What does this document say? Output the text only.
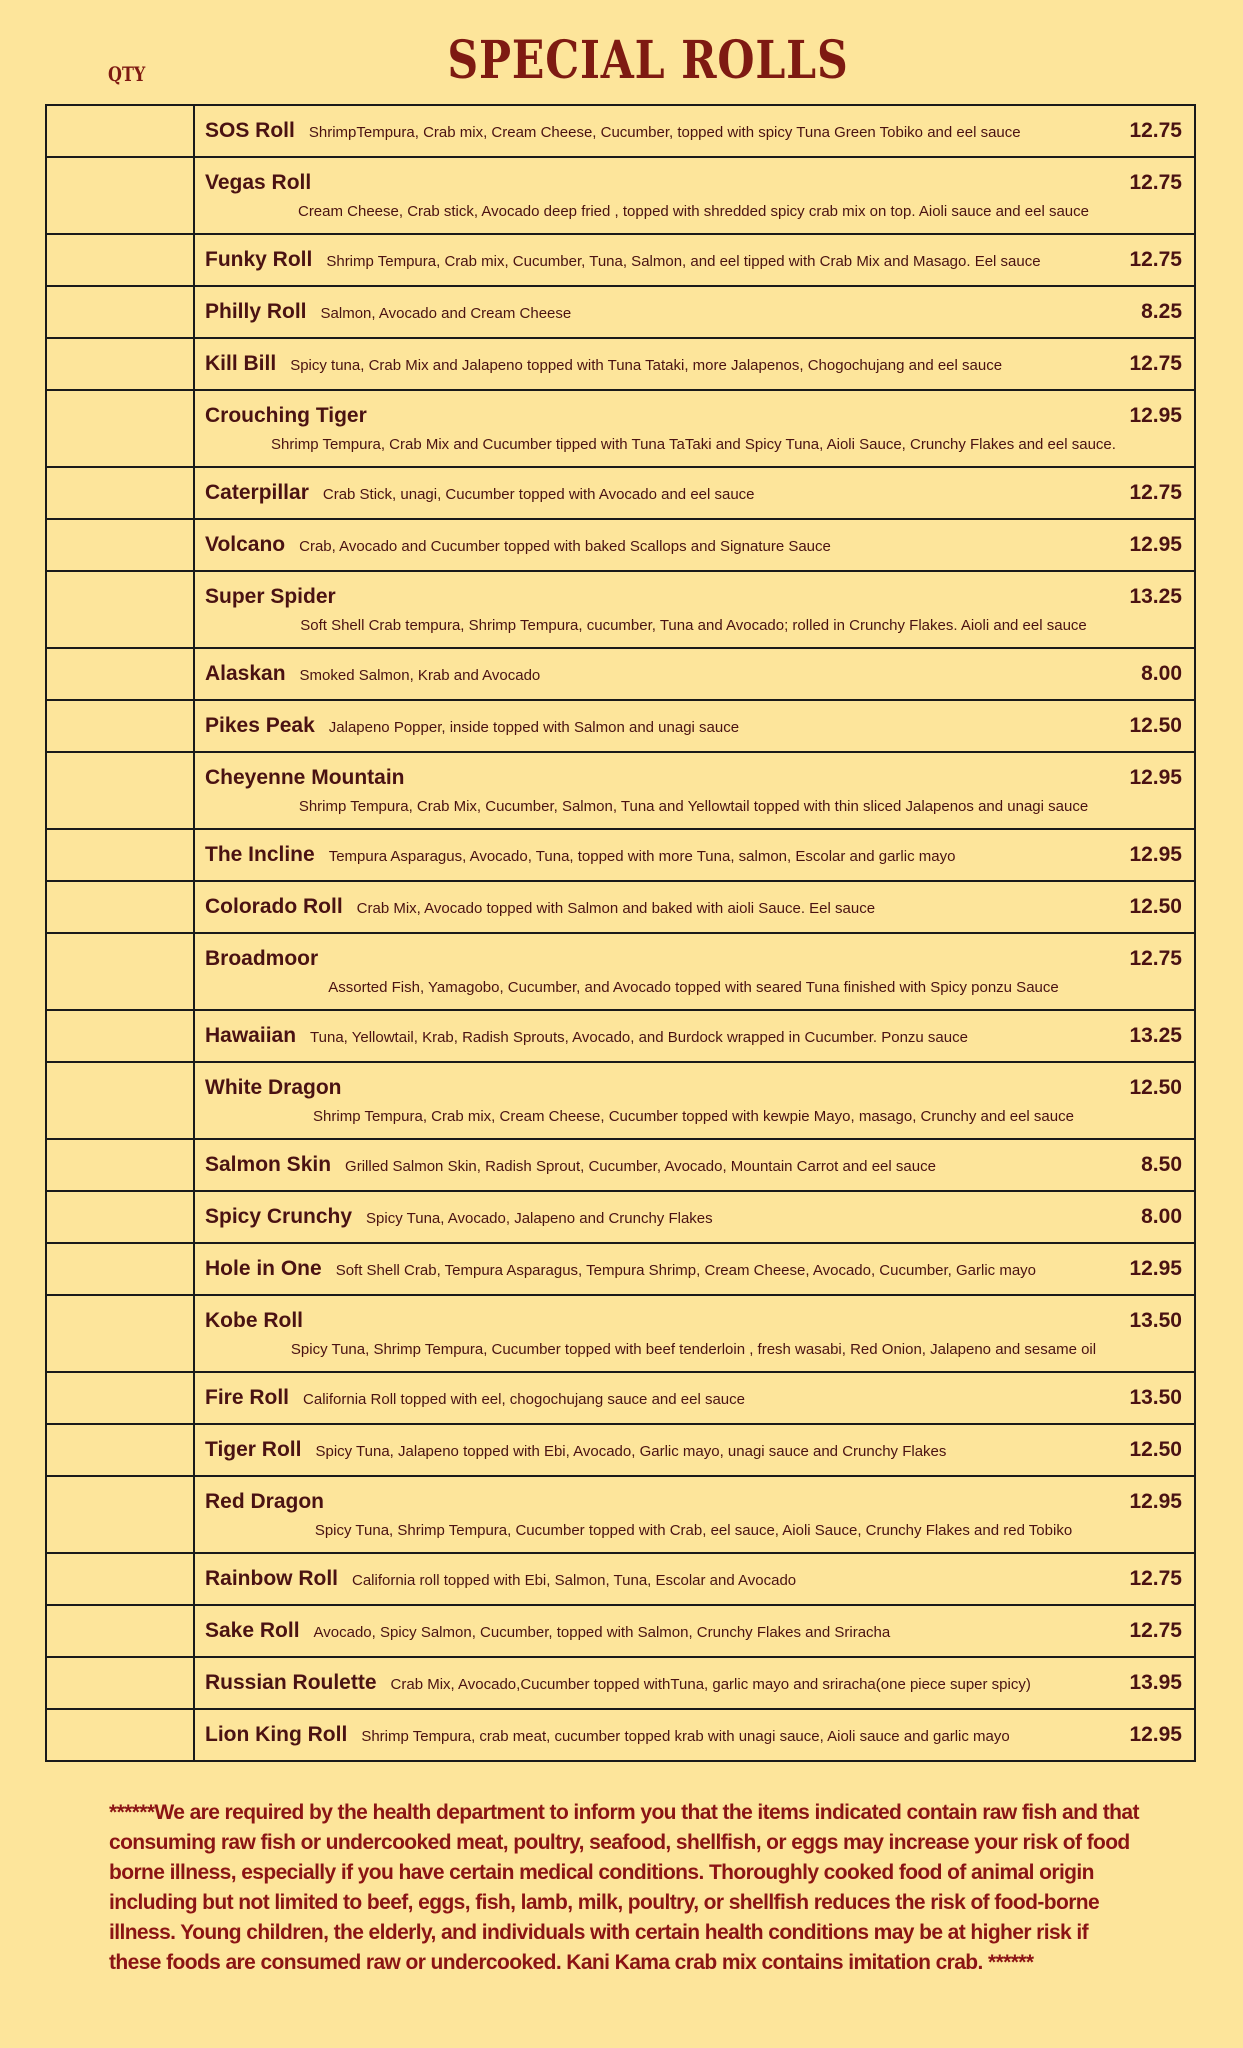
QTY	SPECIAL ROLLS

	SOS Roll ShrimpTempura, Crab mix, Cream Cheese, Cucumber, topped with spicy Tuna Green Tobiko and eel sauce 12.75

	Vegas Roll 12.75
Cream Cheese, Crab stick, Avocado deep fried , topped with shredded spicy crab mix on top. Aioli sauce and eel sauce

	Funky Roll Shrimp Tempura, Crab mix, Cucumber, Tuna, Salmon, and eel tipped with Crab Mix and Masago. Eel sauce 12.75

	Philly Roll Salmon, Avocado and Cream Cheese 8.25

	Kill Bill Spicy tuna, Crab Mix and Jalapeno topped with Tuna Tataki, more Jalapenos, Chogochujang and eel sauce 12.75

	Crouching Tiger 12.95
Shrimp Tempura, Crab Mix and Cucumber tipped with Tuna TaTaki and Spicy Tuna, Aioli Sauce, Crunchy Flakes and eel sauce.

	Caterpillar Crab Stick, unagi, Cucumber topped with Avocado and eel sauce 12.75

	Volcano Crab, Avocado and Cucumber topped with baked Scallops and Signature Sauce 12.95

	Super Spider 13.25
Soft Shell Crab tempura, Shrimp Tempura, cucumber, Tuna and Avocado; rolled in Crunchy Flakes. Aioli and eel sauce

	Alaskan Smoked Salmon, Krab and Avocado 8.00

	Pikes Peak Jalapeno Popper, inside topped with Salmon and unagi sauce 12.50

	Cheyenne Mountain 12.95
Shrimp Tempura, Crab Mix, Cucumber, Salmon, Tuna and Yellowtail topped with thin sliced Jalapenos and unagi sauce

	The Incline Tempura Asparagus, Avocado, Tuna, topped with more Tuna, salmon, Escolar and garlic mayo 12.95

	Colorado Roll Crab Mix, Avocado topped with Salmon and baked with aioli Sauce. Eel sauce 12.50

	Broadmoor 12.75
Assorted Fish, Yamagobo, Cucumber, and Avocado topped with seared Tuna finished with Spicy ponzu Sauce

	Hawaiian Tuna, Yellowtail, Krab, Radish Sprouts, Avocado, and Burdock wrapped in Cucumber. Ponzu sauce 13.25

	White Dragon 12.50
Shrimp Tempura, Crab mix, Cream Cheese, Cucumber topped with kewpie Mayo, masago, Crunchy and eel sauce

	Salmon Skin Grilled Salmon Skin, Radish Sprout, Cucumber, Avocado, Mountain Carrot and eel sauce 8.50

	Spicy Crunchy Spicy Tuna, Avocado, Jalapeno and Crunchy Flakes 8.00

	Hole in One Soft Shell Crab, Tempura Asparagus, Tempura Shrimp, Cream Cheese, Avocado, Cucumber, Garlic mayo 12.95

	Kobe Roll 13.50
Spicy Tuna, Shrimp Tempura, Cucumber topped with beef tenderloin , fresh wasabi, Red Onion, Jalapeno and sesame oil

	Fire Roll California Roll topped with eel, chogochujang sauce and eel sauce 13.50

	Tiger Roll Spicy Tuna, Jalapeno topped with Ebi, Avocado, Garlic mayo, unagi sauce and Crunchy Flakes 12.50

	Red Dragon 12.95
Spicy Tuna, Shrimp Tempura, Cucumber topped with Crab, eel sauce, Aioli Sauce, Crunchy Flakes and red Tobiko

	Rainbow Roll California roll topped with Ebi, Salmon, Tuna, Escolar and Avocado 12.75

	Sake Roll Avocado, Spicy Salmon, Cucumber, topped with Salmon, Crunchy Flakes and Sriracha 12.75

	Russian Roulette Crab Mix, Avocado,Cucumber topped withTuna, garlic mayo and sriracha(one piece super spicy) 13.95

	Lion King Roll Shrimp Tempura, crab meat, cucumber topped krab with unagi sauce, Aioli sauce and garlic mayo 12.95
******We are required by the health department to inform you that the items indicated contain raw fish and that consuming raw fish or undercooked meat, poultry, seafood, shellfish, or eggs may increase your risk of food borne illness, especially if you have certain medical conditions. Thoroughly cooked food of animal origin including but not limited to beef, eggs, fish, lamb, milk, poultry, or shellfish reduces the risk of food-borne illness. Young children, the elderly, and individuals with certain health conditions may be at higher risk if these foods are consumed raw or undercooked. Kani Kama crab mix contains imitation crab. ******
